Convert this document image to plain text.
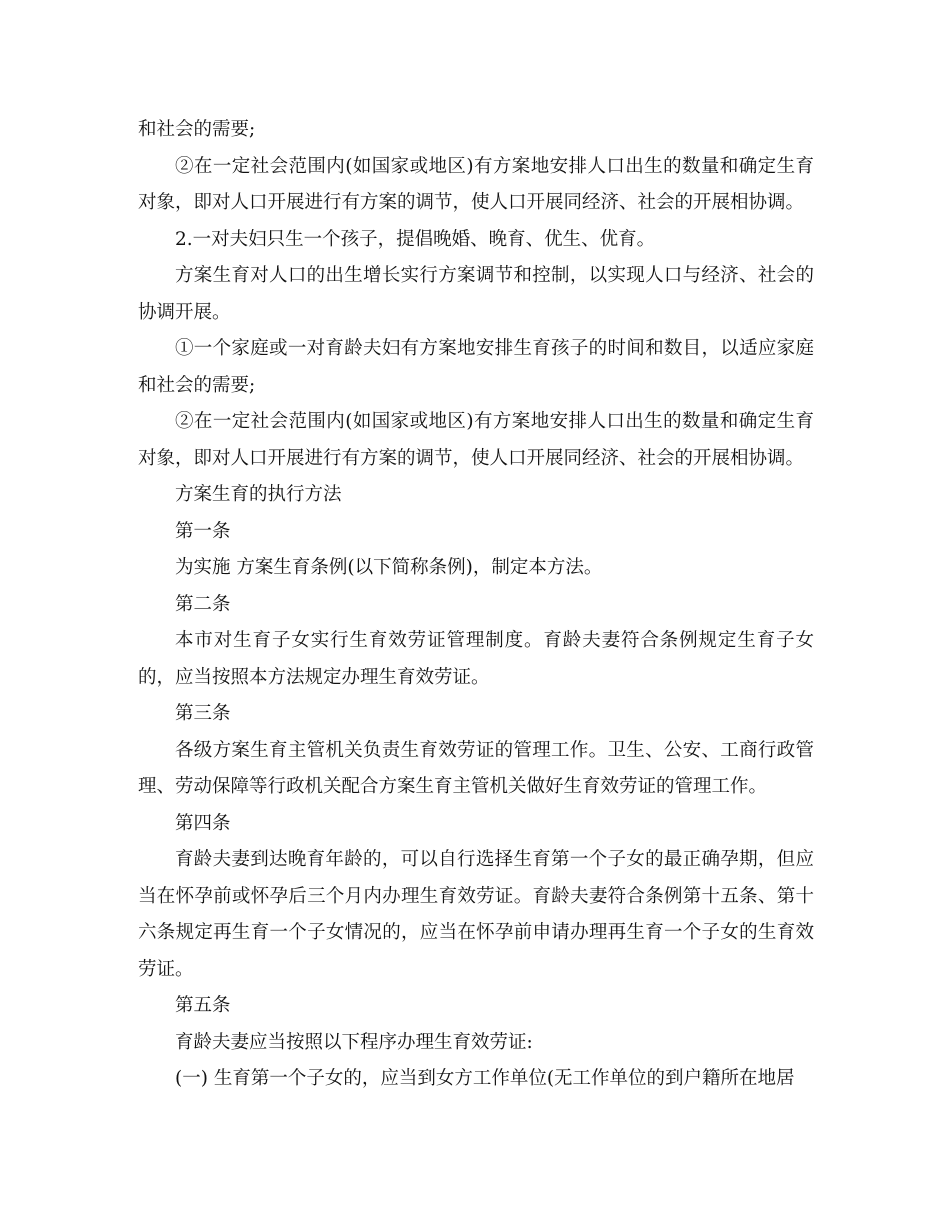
和社会的需要;

②在一定社会范围内(如国家或地区)有方案地安排人口出生的数量和确定生育对象，即对人口开展进行有方案的调节，使人口开展同经济、社会的开展相协调。

2.一对夫妇只生一个孩子，提倡晚婚、晚育、优生、优育。

方案生育对人口的出生增长实行方案调节和控制，以实现人口与经济、社会的协调开展。

①一个家庭或一对育龄夫妇有方案地安排生育孩子的时间和数目，以适应家庭和社会的需要;

②在一定社会范围内(如国家或地区)有方案地安排人口出生的数量和确定生育对象，即对人口开展进行有方案的调节，使人口开展同经济、社会的开展相协调。

方案生育的执行方法

第一条

为实施 方案生育条例(以下简称条例)，制定本方法。

第二条

本市对生育子女实行生育效劳证管理制度。育龄夫妻符合条例规定生育子女的，应当按照本方法规定办理生育效劳证。

第三条

各级方案生育主管机关负责生育效劳证的管理工作。卫生、公安、工商行政管理、劳动保障等行政机关配合方案生育主管机关做好生育效劳证的管理工作。

第四条

育龄夫妻到达晚育年龄的，可以自行选择生育第一个子女的最正确孕期，但应当在怀孕前或怀孕后三个月内办理生育效劳证。育龄夫妻符合条例第十五条、第十六条规定再生育一个子女情况的，应当在怀孕前申请办理再生育一个子女的生育效劳证。

第五条

育龄夫妻应当按照以下程序办理生育效劳证:

(一) 生育第一个子女的，应当到女方工作单位(无工作单位的到户籍所在地居
